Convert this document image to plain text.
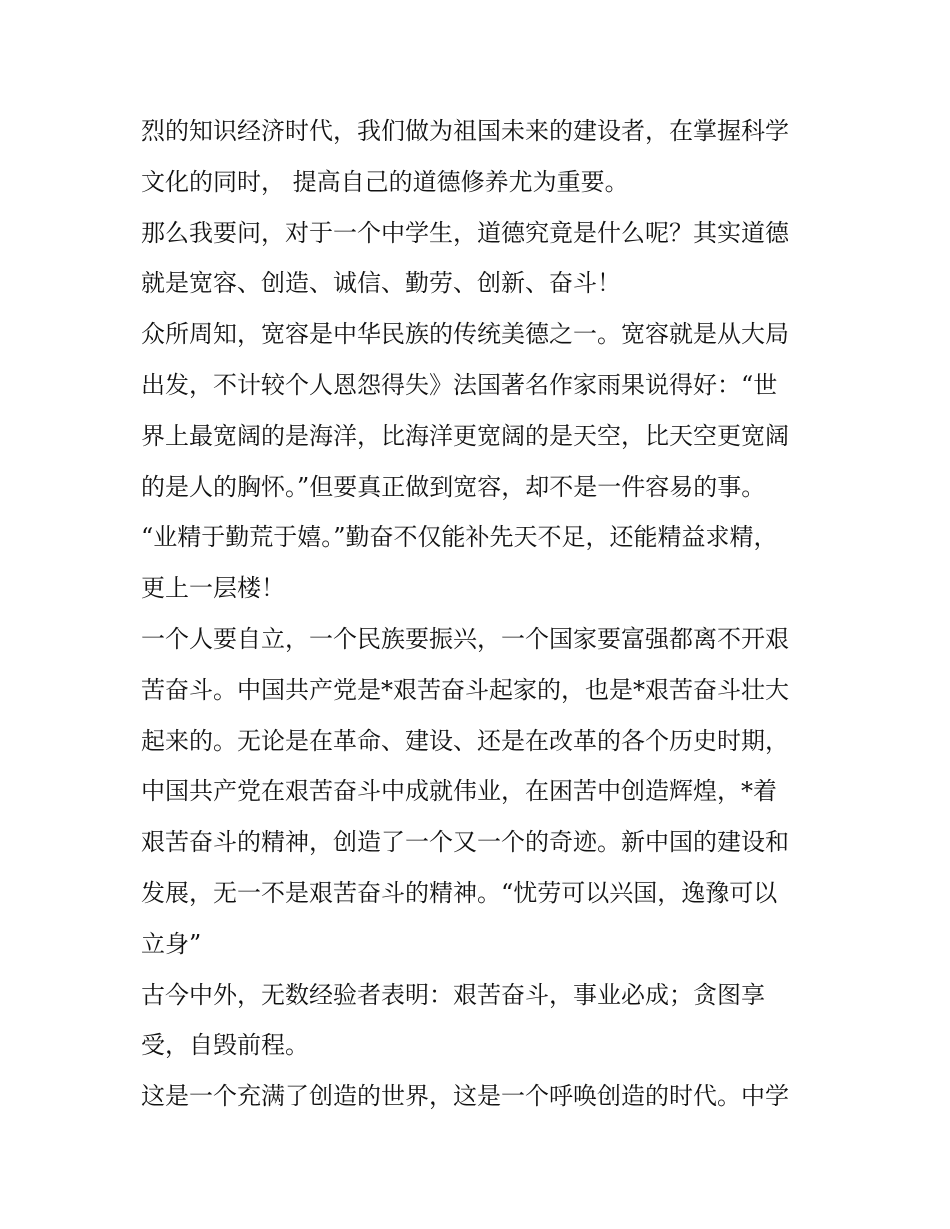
烈的知识经济时代，我们做为祖国未来的建设者，在掌握科学
文化的同时， 提高自己的道德修养尤为重要。
那么我要问，对于一个中学生，道德究竟是什么呢？其实道德
就是宽容、创造、诚信、勤劳、创新、奋斗！
众所周知，宽容是中华民族的传统美德之一。宽容就是从大局
出发，不计较个人恩怨得失》法国著名作家雨果说得好：“世
界上最宽阔的是海洋，比海洋更宽阔的是天空，比天空更宽阔
的是人的胸怀。”但要真正做到宽容，却不是一件容易的事。
“业精于勤荒于嬉。”勤奋不仅能补先天不足，还能精益求精，
更上一层楼！
一个人要自立，一个民族要振兴，一个国家要富强都离不开艰
苦奋斗。中国共产党是*艰苦奋斗起家的，也是*艰苦奋斗壮大
起来的。无论是在革命、建设、还是在改革的各个历史时期，
中国共产党在艰苦奋斗中成就伟业，在困苦中创造辉煌，*着
艰苦奋斗的精神，创造了一个又一个的奇迹。新中国的建设和
发展，无一不是艰苦奋斗的精神。“忧劳可以兴国，逸豫可以
立身”
古今中外，无数经验者表明：艰苦奋斗，事业必成；贪图享
受，自毁前程。
这是一个充满了创造的世界，这是一个呼唤创造的时代。中学
